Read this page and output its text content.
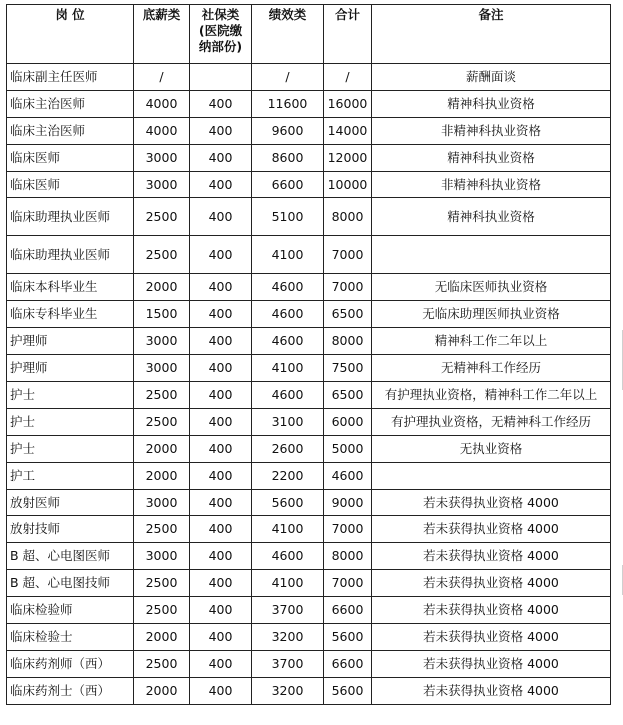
岗 位	底薪类	社保类(医院缴纳部份)	绩效类	合计	备注
临床副主任医师	/		/	/	薪酬面谈
临床主治医师	4000	400	11600	16000	精神科执业资格
临床主治医师	4000	400	9600	14000	非精神科执业资格
临床医师	3000	400	8600	12000	精神科执业资格
临床医师	3000	400	6600	10000	非精神科执业资格
临床助理执业医师	2500	400	5100	8000	精神科执业资格
临床助理执业医师	2500	400	4100	7000	
临床本科毕业生	2000	400	4600	7000	无临床医师执业资格
临床专科毕业生	1500	400	4600	6500	无临床助理医师执业资格
护理师	3000	400	4600	8000	精神科工作二年以上
护理师	3000	400	4100	7500	无精神科工作经历
护士	2500	400	4600	6500	有护理执业资格，精神科工作二年以上
护士	2500	400	3100	6000	有护理执业资格，无精神科工作经历
护士	2000	400	2600	5000	无执业资格
护工	2000	400	2200	4600	
放射医师	3000	400	5600	9000	若未获得执业资格 4000
放射技师	2500	400	4100	7000	若未获得执业资格 4000
B 超、心电图医师	3000	400	4600	8000	若未获得执业资格 4000
B 超、心电图技师	2500	400	4100	7000	若未获得执业资格 4000
临床检验师	2500	400	3700	6600	若未获得执业资格 4000
临床检验士	2000	400	3200	5600	若未获得执业资格 4000
临床药剂师（西）	2500	400	3700	6600	若未获得执业资格 4000
临床药剂士（西）	2000	400	3200	5600	若未获得执业资格 4000
